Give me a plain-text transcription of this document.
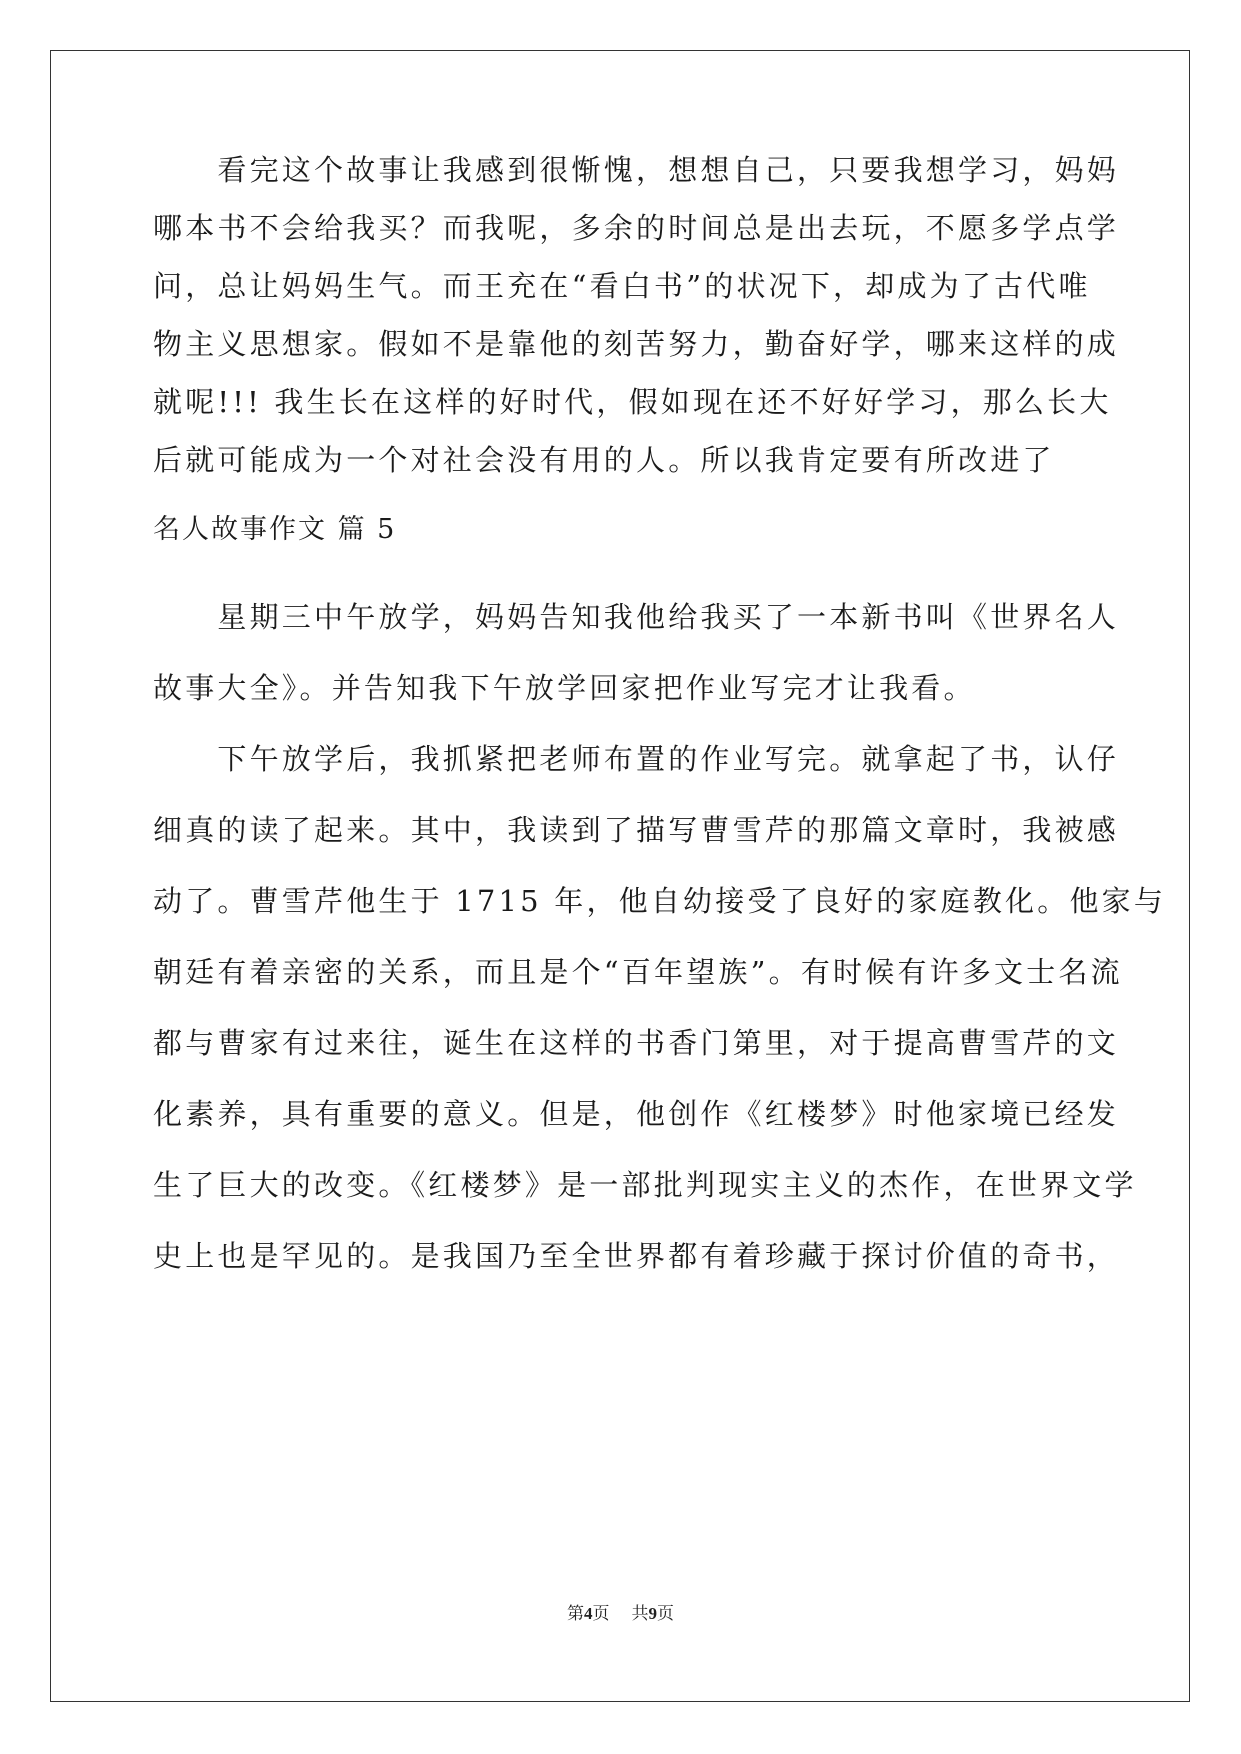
　　看完这个故事让我感到很惭愧，想想自己，只要我想学习，妈妈
哪本书不会给我买？而我呢，多余的时间总是出去玩，不愿多学点学
问，总让妈妈生气。而王充在“看白书”的状况下，却成为了古代唯
物主义思想家。假如不是靠他的刻苦努力，勤奋好学，哪来这样的成
就呢!!! 我生长在这样的好时代，假如现在还不好好学习，那么长大
后就可能成为一个对社会没有用的人。所以我肯定要有所改进了
名人故事作文 篇 5
　　星期三中午放学，妈妈告知我他给我买了一本新书叫《世界名人
故事大全》。并告知我下午放学回家把作业写完才让我看。
　　下午放学后，我抓紧把老师布置的作业写完。就拿起了书，认仔
细真的读了起来。其中，我读到了描写曹雪芹的那篇文章时，我被感
动了。曹雪芹他生于 1715 年，他自幼接受了良好的家庭教化。他家与
朝廷有着亲密的关系，而且是个“百年望族”。有时候有许多文士名流
都与曹家有过来往，诞生在这样的书香门第里，对于提高曹雪芹的文
化素养，具有重要的意义。但是，他创作《红楼梦》时他家境已经发
生了巨大的改变。《红楼梦》是一部批判现实主义的杰作，在世界文学
史上也是罕见的。是我国乃至全世界都有着珍藏于探讨价值的奇书，
第4页 共9页
